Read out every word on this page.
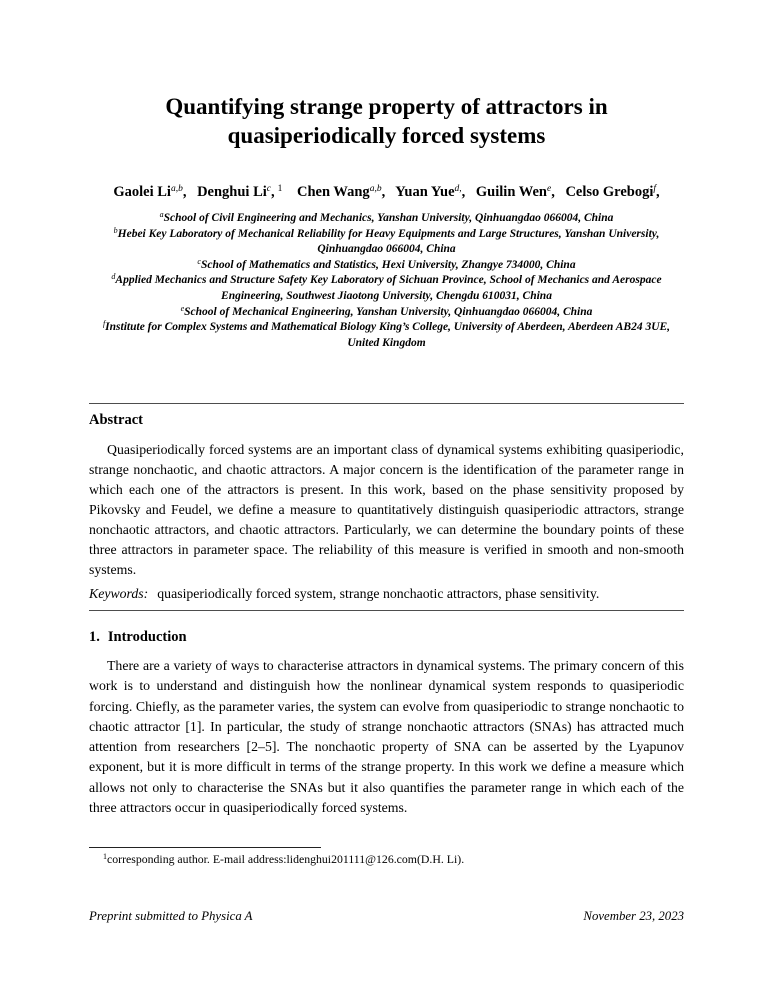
Quantifying strange property of attractors in
quasiperiodically forced systems
Gaolei Li$^{a,b}$, Denghui Li$^c$, $^1$ Chen Wang$^{a,b}$, Yuan Yue$^{d,}$, Guilin Wen$^e$, Celso Grebogi$^f$,
$^a$School of Civil Engineering and Mechanics, Yanshan University, Qinhuangdao 066004, China
$^b$Hebei Key Laboratory of Mechanical Reliability for Heavy Equipments and Large Structures, Yanshan University, Qinhuangdao 066004, China
$^c$School of Mathematics and Statistics, Hexi University, Zhangye 734000, China
$^d$Applied Mechanics and Structure Safety Key Laboratory of Sichuan Province, School of Mechanics and Aerospace Engineering, Southwest Jiaotong University, Chengdu 610031, China
$^e$School of Mechanical Engineering, Yanshan University, Qinhuangdao 066004, China
$^f$Institute for Complex Systems and Mathematical Biology King’s College, University of Aberdeen, Aberdeen AB24 3UE, United Kingdom
Abstract

Quasiperiodically forced systems are an important class of dynamical systems exhibiting quasiperiodic, strange nonchaotic, and chaotic attractors. A major concern is the identification of the parameter range in which each one of the attractors is present. In this work, based on the phase sensitivity proposed by Pikovsky and Feudel, we define a measure to quantitatively distinguish quasiperiodic attractors, strange nonchaotic attractors, and chaotic attractors. Particularly, we can determine the boundary points of these three attractors in parameter space. The reliability of this measure is verified in smooth and non-smooth systems.

Keywords: quasiperiodically forced system, strange nonchaotic attractors, phase sensitivity.

1. Introduction

There are a variety of ways to characterise attractors in dynamical systems. The primary concern of this work is to understand and distinguish how the nonlinear dynamical system responds to quasiperiodic forcing. Chiefly, as the parameter varies, the system can evolve from quasiperiodic to strange nonchaotic to chaotic attractor [1]. In particular, the study of strange nonchaotic attractors (SNAs) has attracted much attention from researchers [2–5]. The nonchaotic property of SNA can be asserted by the Lyapunov exponent, but it is more difficult in terms of the strange property. In this work we define a measure which allows not only to characterise the SNAs but it also quantifies the parameter range in which each of the three attractors occur in quasiperiodically forced systems.

$^1$corresponding author. E-mail address:lidenghui201111@126.com(D.H. Li).

Preprint submitted to Physica A	November 23, 2023
